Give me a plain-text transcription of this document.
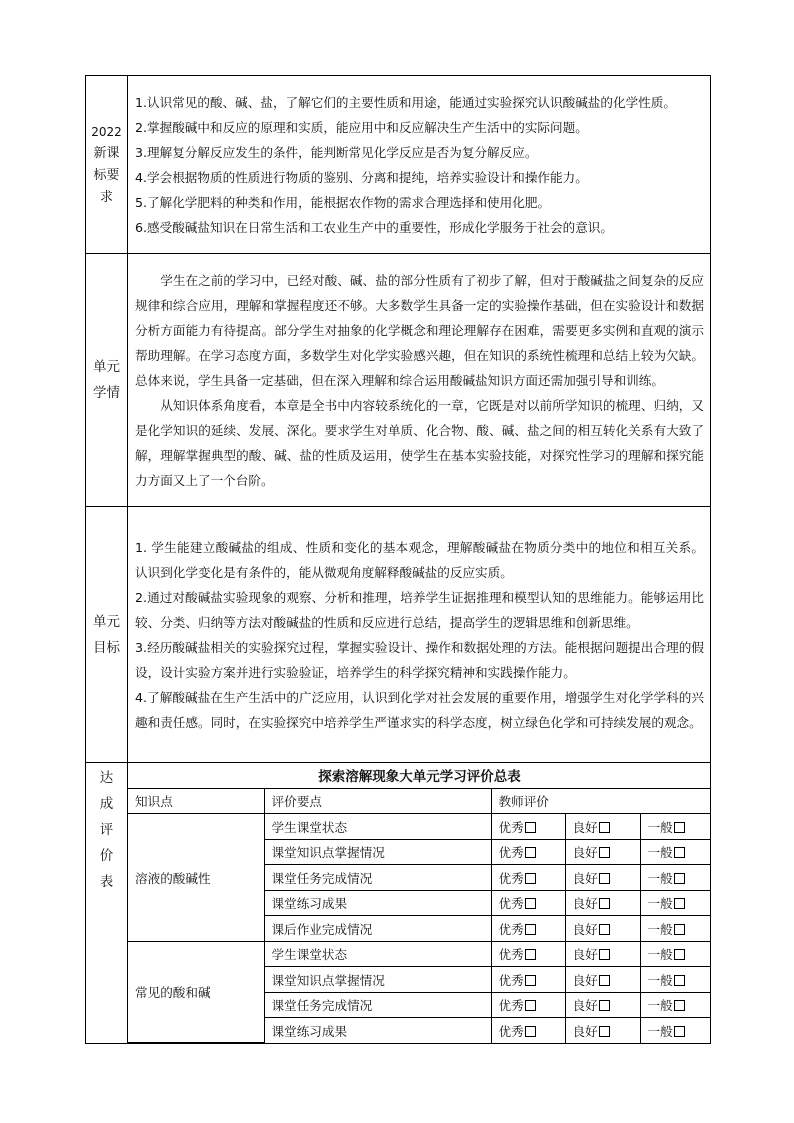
2022
新课
标要
求

1.认识常见的酸、碱、盐，了解它们的主要性质和用途，能通过实验探究认识酸碱盐的化学性质。

2.掌握酸碱中和反应的原理和实质，能应用中和反应解决生产生活中的实际问题。

3.理解复分解反应发生的条件，能判断常见化学反应是否为复分解反应。

4.学会根据物质的性质进行物质的鉴别、分离和提纯，培养实验设计和操作能力。

5.了解化学肥料的种类和作用，能根据农作物的需求合理选择和使用化肥。

6.感受酸碱盐知识在日常生活和工农业生产中的重要性，形成化学服务于社会的意识。

单元
学情

学生在之前的学习中，已经对酸、碱、盐的部分性质有了初步了解，但对于酸碱盐之间复杂的反应规律和综合应用，理解和掌握程度还不够。大多数学生具备一定的实验操作基础，但在实验设计和数据分析方面能力有待提高。部分学生对抽象的化学概念和理论理解存在困难，需要更多实例和直观的演示帮助理解。在学习态度方面，多数学生对化学实验感兴趣，但在知识的系统性梳理和总结上较为欠缺。总体来说，学生具备一定基础，但在深入理解和综合运用酸碱盐知识方面还需加强引导和训练。

从知识体系角度看，本章是全书中内容较系统化的一章，它既是对以前所学知识的梳理、归纳，又是化学知识的延续、发展、深化。要求学生对单质、化合物、酸、碱、盐之间的相互转化关系有大致了解，理解掌握典型的酸、碱、盐的性质及运用，使学生在基本实验技能，对探究性学习的理解和探究能力方面又上了一个台阶。

单元
目标

1. 学生能建立酸碱盐的组成、性质和变化的基本观念，理解酸碱盐在物质分类中的地位和相互关系。认识到化学变化是有条件的，能从微观角度解释酸碱盐的反应实质。

2.通过对酸碱盐实验现象的观察、分析和推理，培养学生证据推理和模型认知的思维能力。能够运用比较、分类、归纳等方法对酸碱盐的性质和反应进行总结，提高学生的逻辑思维和创新思维。

3.经历酸碱盐相关的实验探究过程，掌握实验设计、操作和数据处理的方法。能根据问题提出合理的假设，设计实验方案并进行实验验证，培养学生的科学探究精神和实践操作能力。

4.了解酸碱盐在生产生活中的广泛应用，认识到化学对社会发展的重要作用，增强学生对化学学科的兴趣和责任感。同时，在实验探究中培养学生严谨求实的科学态度，树立绿色化学和可持续发展的观念。

达
成
评
价
表

探索溶解现象大单元学习评价总表
知识点	评价要点	教师评价
溶液的酸碱性	学生课堂状态	优秀	良好	一般
课堂知识点掌握情况	优秀	良好	一般
课堂任务完成情况	优秀	良好	一般
课堂练习成果	优秀	良好	一般
课后作业完成情况	优秀	良好	一般
常见的酸和碱	学生课堂状态	优秀	良好	一般
课堂知识点掌握情况	优秀	良好	一般
课堂任务完成情况	优秀	良好	一般
课堂练习成果	优秀	良好	一般
